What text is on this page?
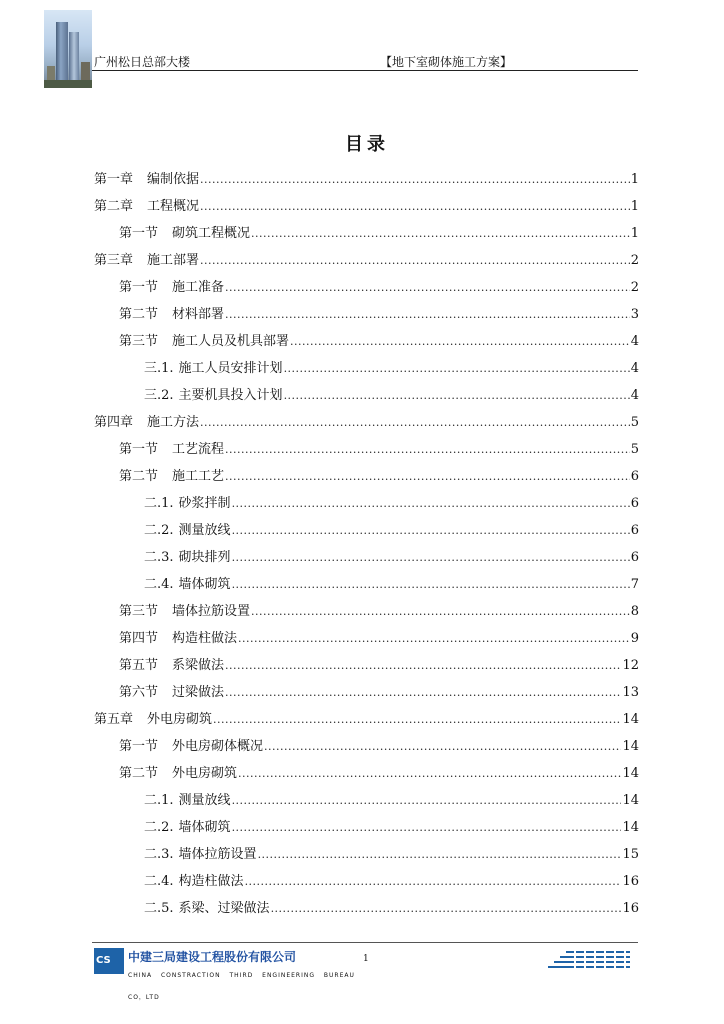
广州松日总部大楼	【地下室砌体施工方案】
目录
第一章 编制依据 .....	1
第二章 工程概况 .....	1
第一节 砌筑工程概况 .....	1
第三章 施工部署 .....	2
第一节 施工准备 .....	2
第二节 材料部署 .....	3
第三节 施工人员及机具部署 .....	4
三.1. 施工人员安排计划 .....	4
三.2. 主要机具投入计划 .....	4
第四章 施工方法 .....	5
第一节 工艺流程 .....	5
第二节 施工工艺 .....	6
二.1. 砂浆拌制 .....	6
二.2. 测量放线 .....	6
二.3. 砌块排列 .....	6
二.4. 墙体砌筑 .....	7
第三节 墙体拉筋设置 .....	8
第四节 构造柱做法 .....	9
第五节 系梁做法 .....	12
第六节 过梁做法 .....	13
第五章 外电房砌筑 .....	14
第一节 外电房砌体概况 .....	14
第二节 外电房砌筑 .....	14
二.1. 测量放线 .....	14
二.2. 墙体砌筑 .....	14
二.3. 墙体拉筋设置 .....	15
二.4. 构造柱做法 .....	16
二.5. 系梁、过梁做法 .....	16
CS 中建三局建设工程股份有限公司	1
CHINA CONSTRACTION THIRD ENGINEERING BUREAU
CO，LTD
